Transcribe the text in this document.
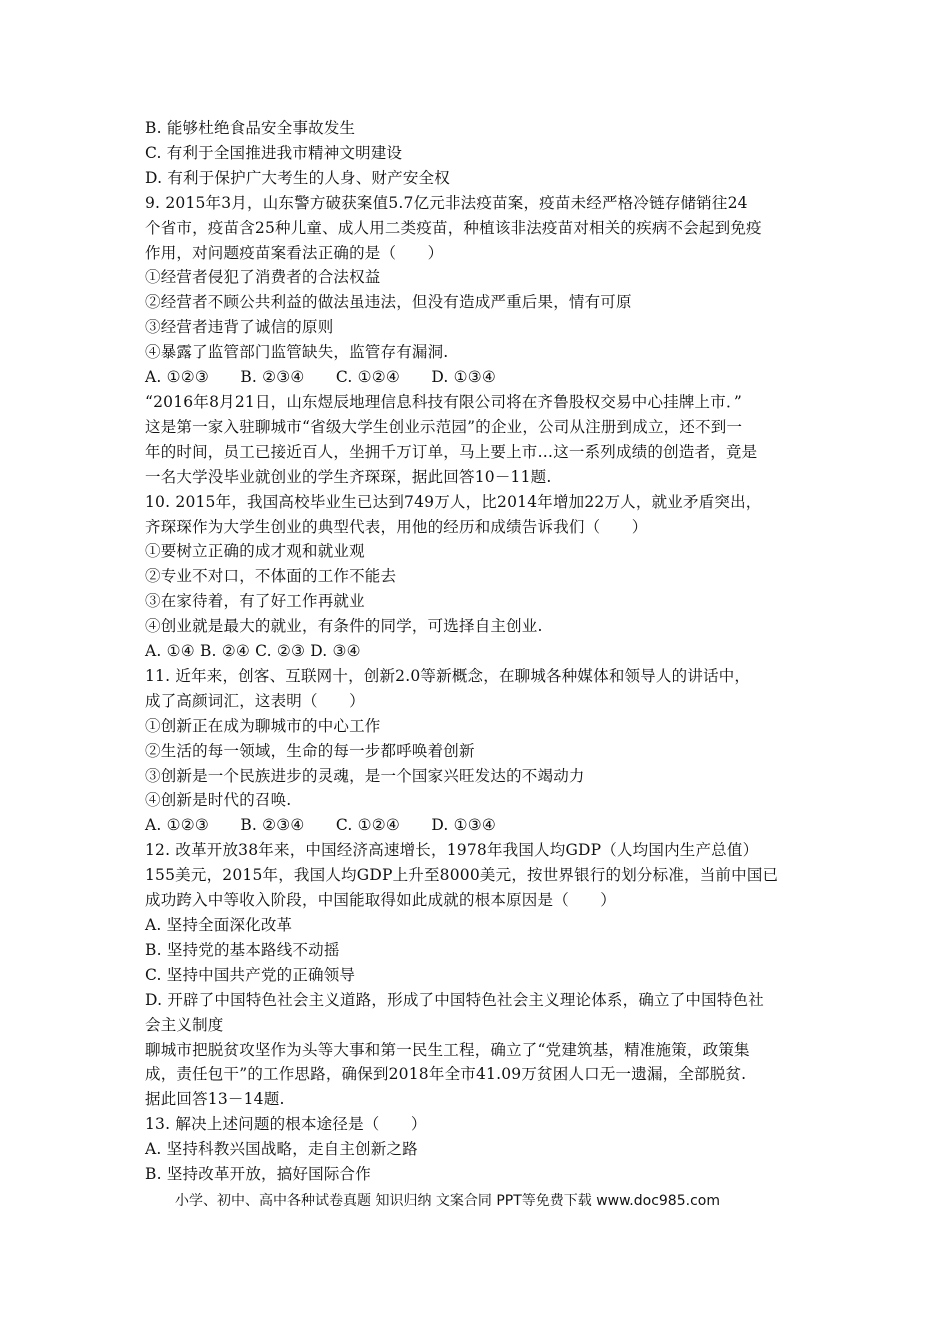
B. 能够杜绝食品安全事故发生
C. 有利于全国推进我市精神文明建设
D. 有利于保护广大考生的人身、财产安全权
9. 2015年3月，山东警方破获案值5.7亿元非法疫苗案，疫苗未经严格冷链存储销往24
个省市，疫苗含25种儿童、成人用二类疫苗，种植该非法疫苗对相关的疾病不会起到免疫
作用，对问题疫苗案看法正确的是（　　）
①经营者侵犯了消费者的合法权益
②经营者不顾公共利益的做法虽违法，但没有造成严重后果，情有可原
③经营者违背了诚信的原则
④暴露了监管部门监管缺失，监管存有漏洞.
A. ①②③　　B. ②③④　　C. ①②④　　D. ①③④
“2016年8月21日，山东煜辰地理信息科技有限公司将在齐鲁股权交易中心挂牌上市．”
这是第一家入驻聊城市“省级大学生创业示范园”的企业，公司从注册到成立，还不到一
年的时间，员工已接近百人，坐拥千万订单，马上要上市…这一系列成绩的创造者，竟是
一名大学没毕业就创业的学生齐琛琛，据此回答10－11题.
10. 2015年，我国高校毕业生已达到749万人，比2014年增加22万人，就业矛盾突出，
齐琛琛作为大学生创业的典型代表，用他的经历和成绩告诉我们（　　）
①要树立正确的成才观和就业观
②专业不对口，不体面的工作不能去
③在家待着，有了好工作再就业
④创业就是最大的就业，有条件的同学，可选择自主创业.
A. ①④ B. ②④ C. ②③ D. ③④
11. 近年来，创客、互联网十，创新2.0等新概念，在聊城各种媒体和领导人的讲话中，
成了高颜词汇，这表明（　　）
①创新正在成为聊城市的中心工作
②生活的每一领域，生命的每一步都呼唤着创新
③创新是一个民族进步的灵魂，是一个国家兴旺发达的不竭动力
④创新是时代的召唤.
A. ①②③　　B. ②③④　　C. ①②④　　D. ①③④
12. 改革开放38年来，中国经济高速增长，1978年我国人均GDP（人均国内生产总值）
155美元，2015年，我国人均GDP上升至8000美元，按世界银行的划分标准，当前中国已
成功跨入中等收入阶段，中国能取得如此成就的根本原因是（　　）
A. 坚持全面深化改革
B. 坚持党的基本路线不动摇
C. 坚持中国共产党的正确领导
D. 开辟了中国特色社会主义道路，形成了中国特色社会主义理论体系，确立了中国特色社
会主义制度
聊城市把脱贫攻坚作为头等大事和第一民生工程，确立了“党建筑基，精准施策，政策集
成，责任包干”的工作思路，确保到2018年全市41.09万贫困人口无一遗漏，全部脱贫.
据此回答13－14题.
13. 解决上述问题的根本途径是（　　）
A. 坚持科教兴国战略，走自主创新之路
B. 坚持改革开放，搞好国际合作
小学、初中、高中各种试卷真题 知识归纳 文案合同 PPT等免费下载 www.doc985.com
